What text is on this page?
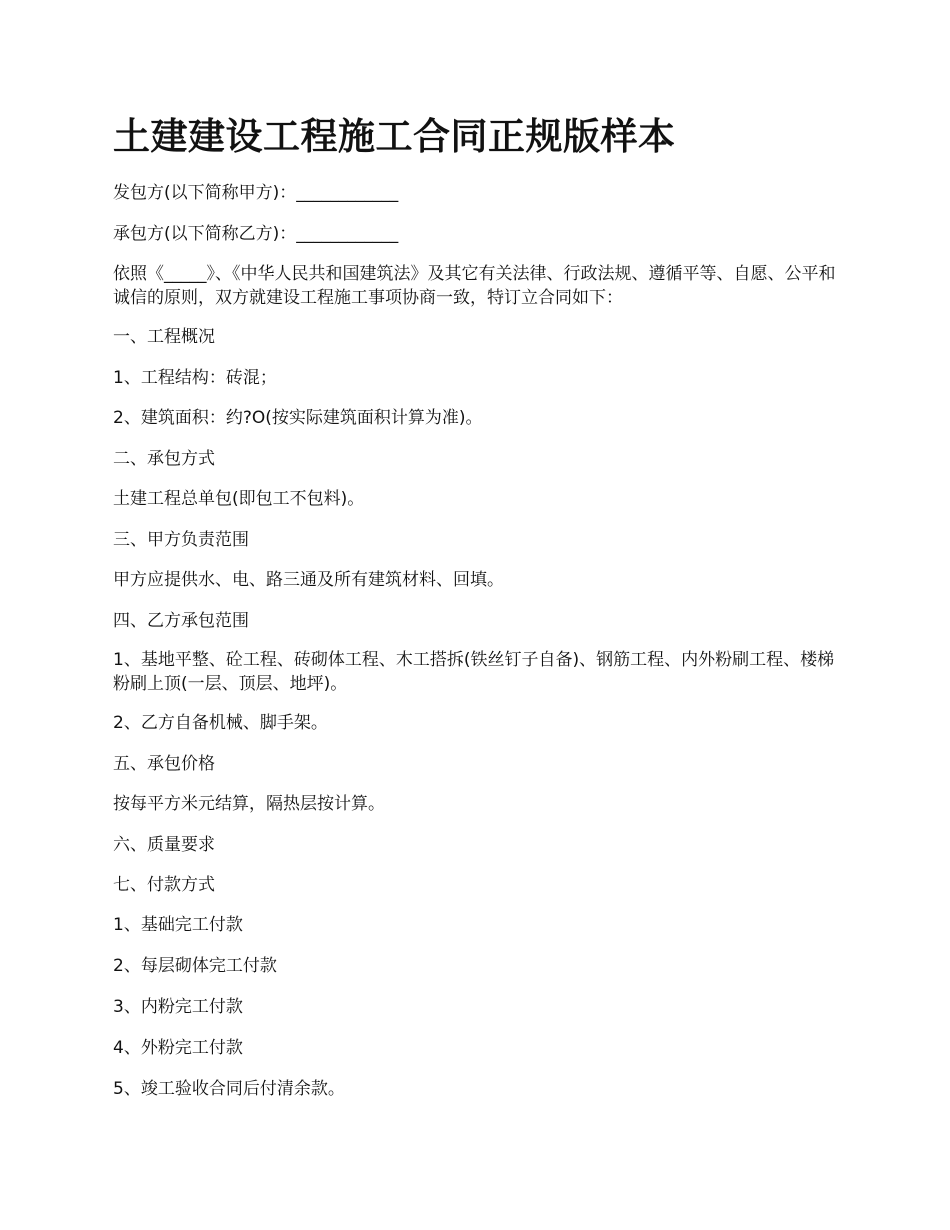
土建建设工程施工合同正规版样本

发包方(以下简称甲方)：____________

承包方(以下简称乙方)：____________

依照《_____》、《中华人民共和国建筑法》及其它有关法律、行政法规、遵循平等、自愿、公平和诚信的原则，双方就建设工程施工事项协商一致，特订立合同如下：

一、工程概况

1、工程结构：砖混；

2、建筑面积：约?O(按实际建筑面积计算为准)。

二、承包方式

土建工程总单包(即包工不包料)。

三、甲方负责范围

甲方应提供水、电、路三通及所有建筑材料、回填。

四、乙方承包范围

1、基地平整、砼工程、砖砌体工程、木工搭拆(铁丝钉子自备)、钢筋工程、内外粉刷工程、楼梯粉刷上顶(一层、顶层、地坪)。

2、乙方自备机械、脚手架。

五、承包价格

按每平方米元结算，隔热层按计算。

六、质量要求

七、付款方式

1、基础完工付款

2、每层砌体完工付款

3、内粉完工付款

4、外粉完工付款

5、竣工验收合同后付清余款。
